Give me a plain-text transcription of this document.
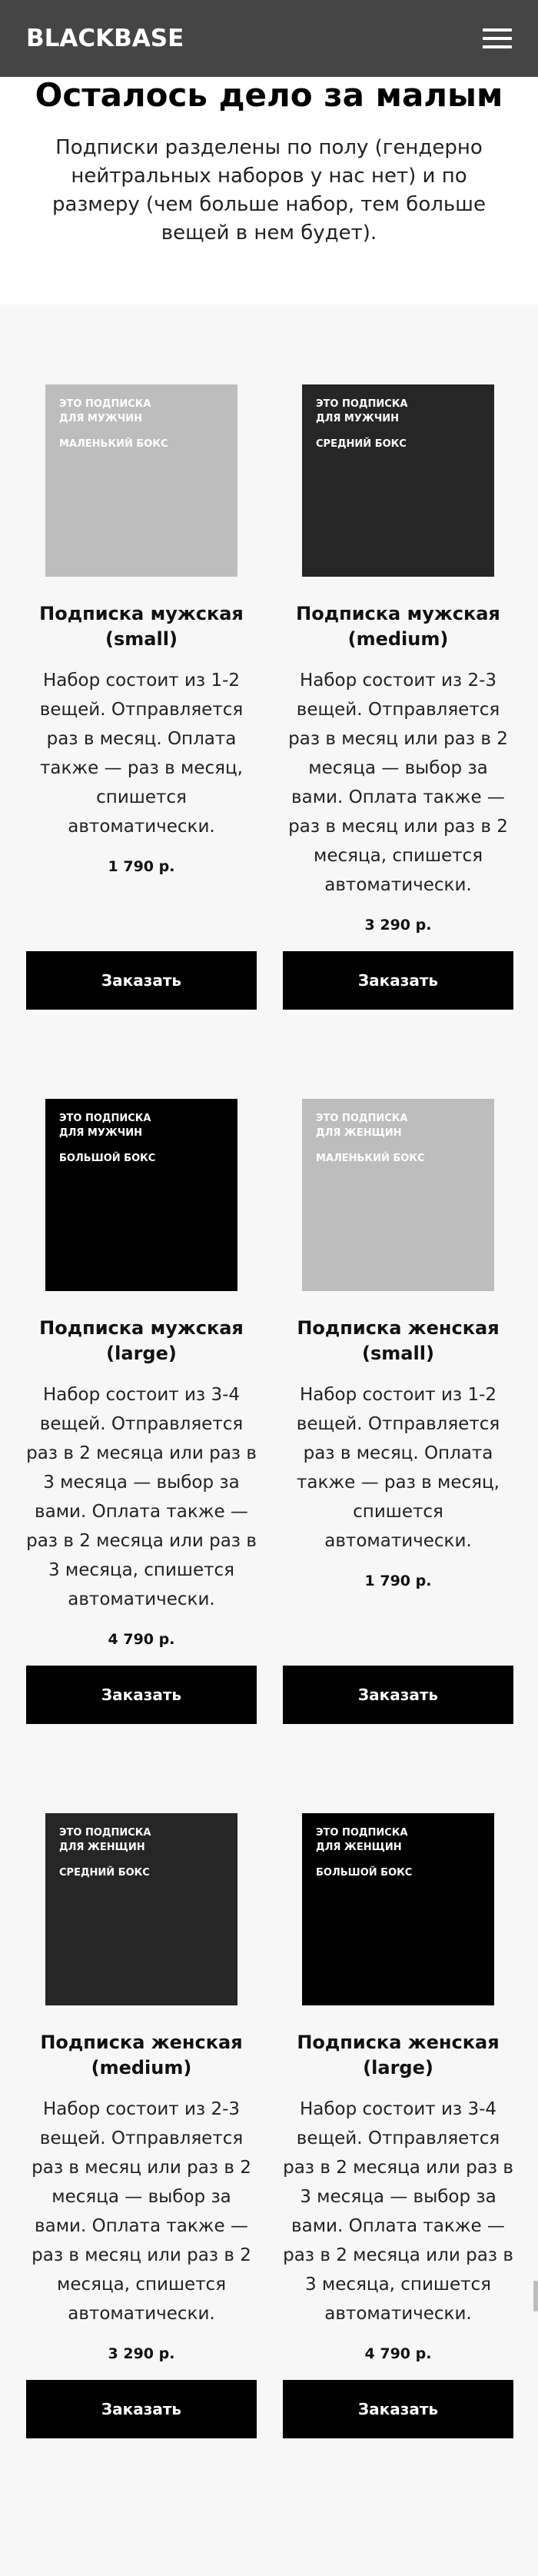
BLACKBASE
Осталось дело за малым

Подписки разделены по полу (гендерно нейтральных наборов у нас нет) и по размеру (чем больше набор, тем больше вещей в нем будет).

ЭТО ПОДПИСКА
ДЛЯ МУЖЧИН
МАЛЕНЬКИЙ БОКС
Подписка мужская (small)
Набор состоит из 1-2 вещей. Отправляется раз в месяц. Оплата также — раз в месяц, спишется автоматически.
1 790 р.
Заказать
ЭТО ПОДПИСКА
ДЛЯ МУЖЧИН
СРЕДНИЙ БОКС
Подписка мужская (medium)
Набор состоит из 2-3 вещей. Отправляется раз в месяц или раз в 2 месяца — выбор за вами. Оплата также — раз в месяц или раз в 2 месяца, спишется автоматически.
3 290 р.
Заказать
ЭТО ПОДПИСКА
ДЛЯ МУЖЧИН
БОЛЬШОЙ БОКС
Подписка мужская (large)
Набор состоит из 3-4 вещей. Отправляется раз в 2 месяца или раз в 3 месяца — выбор за вами. Оплата также — раз в 2 месяца или раз в 3 месяца, спишется автоматически.
4 790 р.
Заказать
ЭТО ПОДПИСКА
ДЛЯ ЖЕНЩИН
МАЛЕНЬКИЙ БОКС
Подписка женская (small)
Набор состоит из 1-2 вещей. Отправляется раз в месяц. Оплата также — раз в месяц, спишется автоматически.
1 790 р.
Заказать
ЭТО ПОДПИСКА
ДЛЯ ЖЕНЩИН
СРЕДНИЙ БОКС
Подписка женская (medium)
Набор состоит из 2-3 вещей. Отправляется раз в месяц или раз в 2 месяца — выбор за вами. Оплата также — раз в месяц или раз в 2 месяца, спишется автоматически.
3 290 р.
Заказать
ЭТО ПОДПИСКА
ДЛЯ ЖЕНЩИН
БОЛЬШОЙ БОКС
Подписка женская (large)
Набор состоит из 3-4 вещей. Отправляется раз в 2 месяца или раз в 3 месяца — выбор за вами. Оплата также — раз в 2 месяца или раз в 3 месяца, спишется автоматически.
4 790 р.
Заказать
